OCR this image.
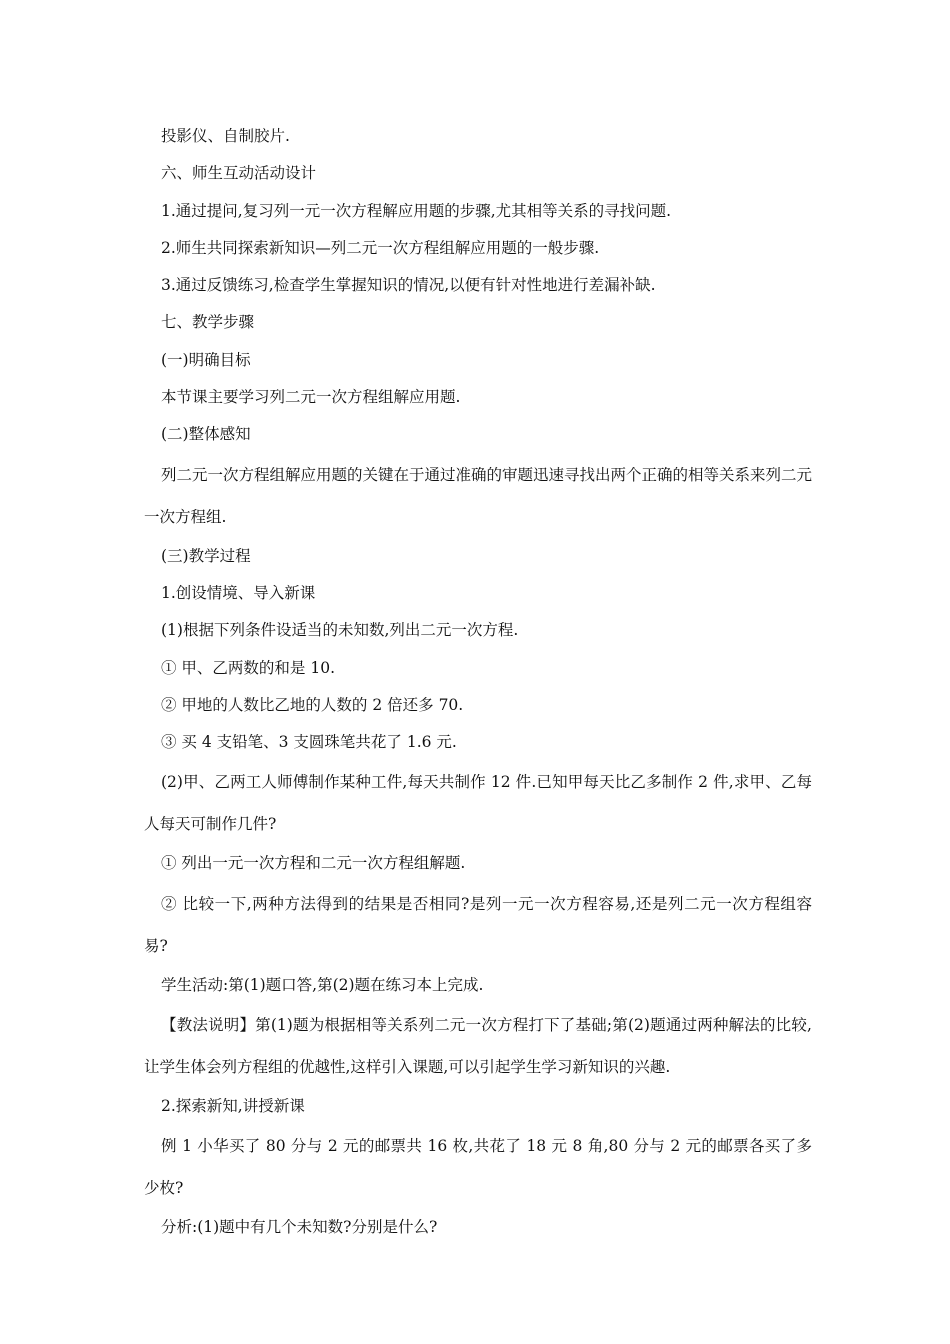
投影仪、自制胶片.

六、师生互动活动设计

1.通过提问,复习列一元一次方程解应用题的步骤,尤其相等关系的寻找问题.

2.师生共同探索新知识—列二元一次方程组解应用题的一般步骤.

3.通过反馈练习,检查学生掌握知识的情况,以便有针对性地进行差漏补缺.

七、教学步骤

(一)明确目标

本节课主要学习列二元一次方程组解应用题.

(二)整体感知

列二元一次方程组解应用题的关键在于通过准确的审题迅速寻找出两个正确的相等关系来列二元一次方程组.

(三)教学过程

1.创设情境、导入新课

(1)根据下列条件设适当的未知数,列出二元一次方程.

① 甲、乙两数的和是 10.

② 甲地的人数比乙地的人数的 2 倍还多 70.

③ 买 4 支铅笔、3 支圆珠笔共花了 1.6 元.

(2)甲、乙两工人师傅制作某种工件,每天共制作 12 件.已知甲每天比乙多制作 2 件,求甲、乙每人每天可制作几件?

① 列出一元一次方程和二元一次方程组解题.

② 比较一下,两种方法得到的结果是否相同?是列一元一次方程容易,还是列二元一次方程组容易?

学生活动:第(1)题口答,第(2)题在练习本上完成.

【教法说明】第(1)题为根据相等关系列二元一次方程打下了基础;第(2)题通过两种解法的比较,让学生体会列方程组的优越性,这样引入课题,可以引起学生学习新知识的兴趣.

2.探索新知,讲授新课

例 1 小华买了 80 分与 2 元的邮票共 16 枚,共花了 18 元 8 角,80 分与 2 元的邮票各买了多少枚?

分析:(1)题中有几个未知数?分别是什么?
